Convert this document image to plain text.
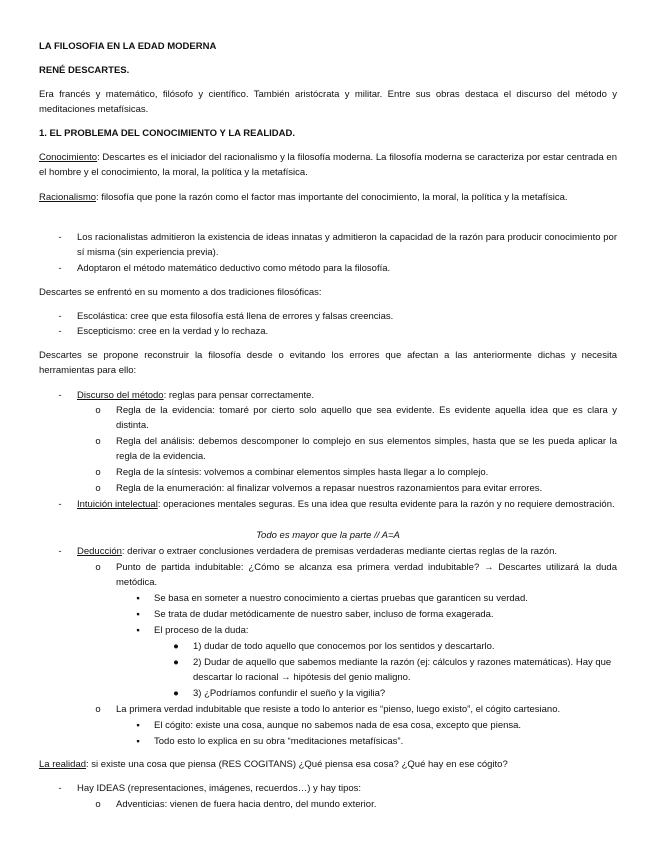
LA FILOSOFIA EN LA EDAD MODERNA

RENÉ DESCARTES.

Era francés y matemático, filósofo y científico. También aristócrata y militar. Entre sus obras destaca el discurso del método y meditaciones metafísicas.

1. EL PROBLEMA DEL CONOCIMIENTO Y LA REALIDAD.

Conocimiento: Descartes es el iniciador del racionalismo y la filosofía moderna. La filosofía moderna se caracteriza por estar centrada en el hombre y el conocimiento, la moral, la política y la metafísica.

Racionalismo: filosofía que pone la razón como el factor mas importante del conocimiento, la moral, la política y la metafísica.

-	Los racionalistas admitieron la existencia de ideas innatas y admitieron la capacidad de la razón para producir conocimiento por sí misma (sin experiencia previa).

-	Adoptaron el método matemático deductivo como método para la filosofía.

Descartes se enfrentó en su momento a dos tradiciones filosóficas:

-	Escolástica: cree que esta filosofía está llena de errores y falsas creencias.

-	Escepticismo: cree en la verdad y lo rechaza.

Descartes se propone reconstruir la filosofía desde o evitando los errores que afectan a las anteriormente dichas y necesita herramientas para ello:

-	Discurso del método: reglas para pensar correctamente.

o	Regla de la evidencia: tomaré por cierto solo aquello que sea evidente. Es evidente aquella idea que es clara y distinta.

o	Regla del análisis: debemos descomponer lo complejo en sus elementos simples, hasta que se les pueda aplicar la regla de la evidencia.

o	Regla de la síntesis: volvemos a combinar elementos simples hasta llegar a lo complejo.

o	Regla de la enumeración: al finalizar volvemos a repasar nuestros razonamientos para evitar errores.

-	Intuición intelectual: operaciones mentales seguras. Es una idea que resulta evidente para la razón y no requiere demostración.

Todo es mayor que la parte // A=A

-	Deducción: derivar o extraer conclusiones verdadera de premisas verdaderas mediante ciertas reglas de la razón.

o	Punto de partida indubitable: ¿Cómo se alcanza esa primera verdad indubitable? → Descartes utilizará la duda metódica.

▪	Se basa en someter a nuestro conocimiento a ciertas pruebas que garanticen su verdad.

▪	Se trata de dudar metódicamente de nuestro saber, incluso de forma exagerada.

▪	El proceso de la duda:

●	1) dudar de todo aquello que conocemos por los sentidos y descartarlo.

●	2) Dudar de aquello que sabemos mediante la razón (ej: cálculos y razones matemáticas). Hay que descartar lo racional → hipótesis del genio maligno.

●	3) ¿Podríamos confundir el sueño y la vigilia?

o	La primera verdad indubitable que resiste a todo lo anterior es “pienso, luego existo”, el cógito cartesiano.

▪	El cógito: existe una cosa, aunque no sabemos nada de esa cosa, excepto que piensa.

▪	Todo esto lo explica en su obra “meditaciones metafísicas”.

La realidad: si existe una cosa que piensa (RES COGITANS) ¿Qué piensa esa cosa? ¿Qué hay en ese cógito?

-	Hay IDEAS (representaciones, imágenes, recuerdos…) y hay tipos:

o	Adventicias: vienen de fuera hacia dentro, del mundo exterior.
